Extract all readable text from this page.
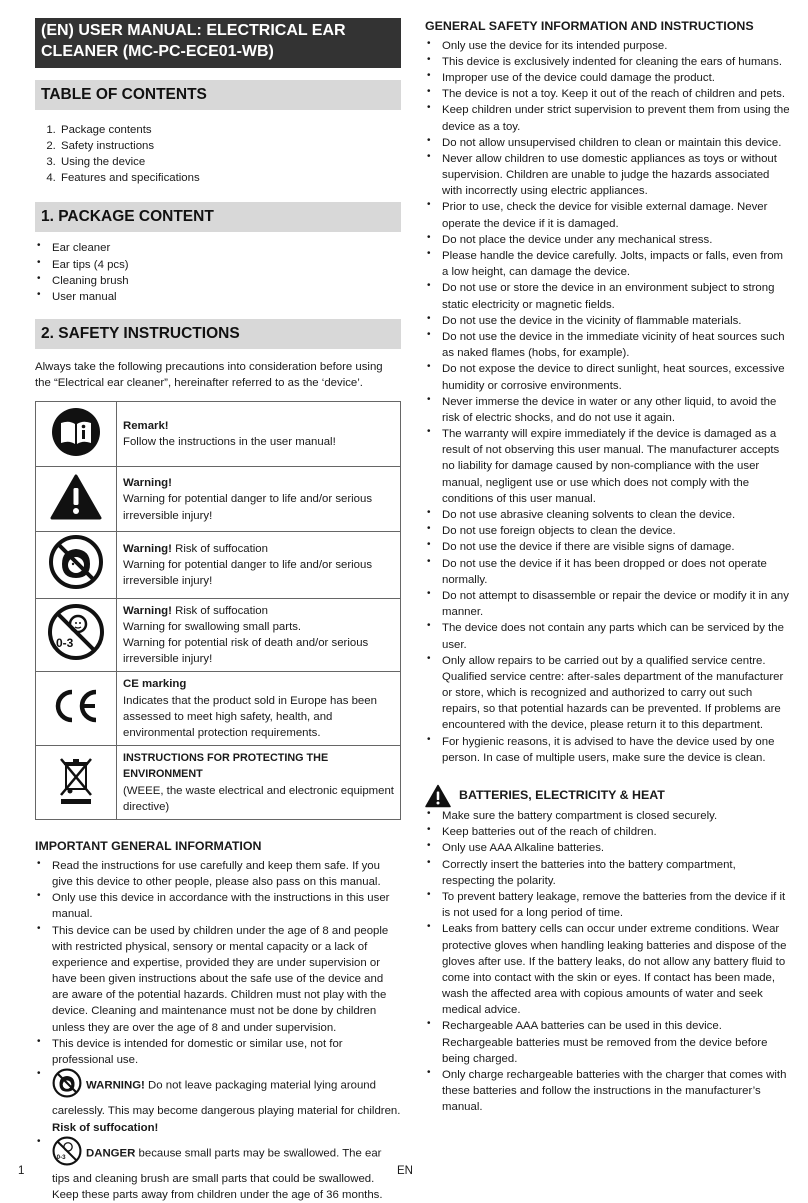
(EN) USER MANUAL: ELECTRICAL EAR CLEANER (MC-PC-ECE01-WB)
TABLE OF CONTENTS
1. Package contents
2. Safety instructions
3. Using the device
4. Features and specifications
1. PACKAGE CONTENT
• Ear cleaner
• Ear tips (4 pcs)
• Cleaning brush
• User manual
2. SAFETY INSTRUCTIONS

Always take the following precautions into consideration before using the “Electrical ear cleaner”, hereinafter referred to as the ‘device’.

	Remark!
Follow the instructions in the user manual!
	Warning!
Warning for potential danger to life and/or serious irreversible injury!
	Warning! Risk of suffocation
Warning for potential danger to life and/or serious irreversible injury!

0-3	Warning! Risk of suffocation
Warning for swallowing small parts.
Warning for potential risk of death and/or serious irreversible injury!
	CE marking
Indicates that the product sold in Europe has been assessed to meet high safety, health, and environmental protection requirements.
	INSTRUCTIONS FOR PROTECTING THE ENVIRONMENT
(WEEE, the waste electrical and electronic equipment directive)
IMPORTANT GENERAL INFORMATION
• Read the instructions for use carefully and keep them safe. If you give this device to other people, please also pass on this manual.
• Only use this device in accordance with the instructions in this user manual.
• This device can be used by children under the age of 8 and people with restricted physical, sensory or mental capacity or a lack of experience and expertise, provided they are under supervision or have been given instructions about the safe use of the device and are aware of the potential hazards. Children must not play with the device. Cleaning and maintenance must not be done by children unless they are over the age of 8 and under supervision.
• This device is intended for domestic or similar use, not for professional use.
• WARNING! Do not leave packaging material lying around carelessly. This may become dangerous playing material for children. Risk of suffocation!
• 0-3 DANGER because small parts may be swallowed. The ear tips and cleaning brush are small parts that could be swallowed. Keep these parts away from children under the age of 36 months.
GENERAL SAFETY INFORMATION AND INSTRUCTIONS
• Only use the device for its intended purpose.
• This device is exclusively indented for cleaning the ears of humans.
• Improper use of the device could damage the product.
• The device is not a toy. Keep it out of the reach of children and pets.
• Keep children under strict supervision to prevent them from using the device as a toy.
• Do not allow unsupervised children to clean or maintain this device.
• Never allow children to use domestic appliances as toys or without supervision. Children are unable to judge the hazards associated with incorrectly using electric appliances.
• Prior to use, check the device for visible external damage. Never operate the device if it is damaged.
• Do not place the device under any mechanical stress.
• Please handle the device carefully. Jolts, impacts or falls, even from a low height, can damage the device.
• Do not use or store the device in an environment subject to strong static electricity or magnetic fields.
• Do not use the device in the vicinity of flammable materials.
• Do not use the device in the immediate vicinity of heat sources such as naked flames (hobs, for example).
• Do not expose the device to direct sunlight, heat sources, excessive humidity or corrosive environments.
• Never immerse the device in water or any other liquid, to avoid the risk of electric shocks, and do not use it again.
• The warranty will expire immediately if the device is damaged as a result of not observing this user manual. The manufacturer accepts no liability for damage caused by non-compliance with the user manual, negligent use or use which does not comply with the conditions of this user manual.
• Do not use abrasive cleaning solvents to clean the device.
• Do not use foreign objects to clean the device.
• Do not use the device if there are visible signs of damage.
• Do not use the device if it has been dropped or does not operate normally.
• Do not attempt to disassemble or repair the device or modify it in any manner.
• The device does not contain any parts which can be serviced by the user.
• Only allow repairs to be carried out by a qualified service centre. Qualified service centre: after-sales department of the manufacturer or store, which is recognized and authorized to carry out such repairs, so that potential hazards can be prevented. If problems are encountered with the device, please return it to this department.
• For hygienic reasons, it is advised to have the device used by one person. In case of multiple users, make sure the device is clean.
BATTERIES, ELECTRICITY & HEAT
• Make sure the battery compartment is closed securely.
• Keep batteries out of the reach of children.
• Only use AAA Alkaline batteries.
• Correctly insert the batteries into the battery compartment, respecting the polarity.
• To prevent battery leakage, remove the batteries from the device if it is not used for a long period of time.
• Leaks from battery cells can occur under extreme conditions. Wear protective gloves when handling leaking batteries and dispose of the gloves after use. If the battery leaks, do not allow any battery fluid to come into contact with the skin or eyes. If contact has been made, wash the affected area with copious amounts of water and seek medical advice.
• Rechargeable AAA batteries can be used in this device. Rechargeable batteries must be removed from the device before being charged.
• Only charge rechargeable batteries with the charger that comes with these batteries and follow the instructions in the manufacturer’s manual.
1	EN
